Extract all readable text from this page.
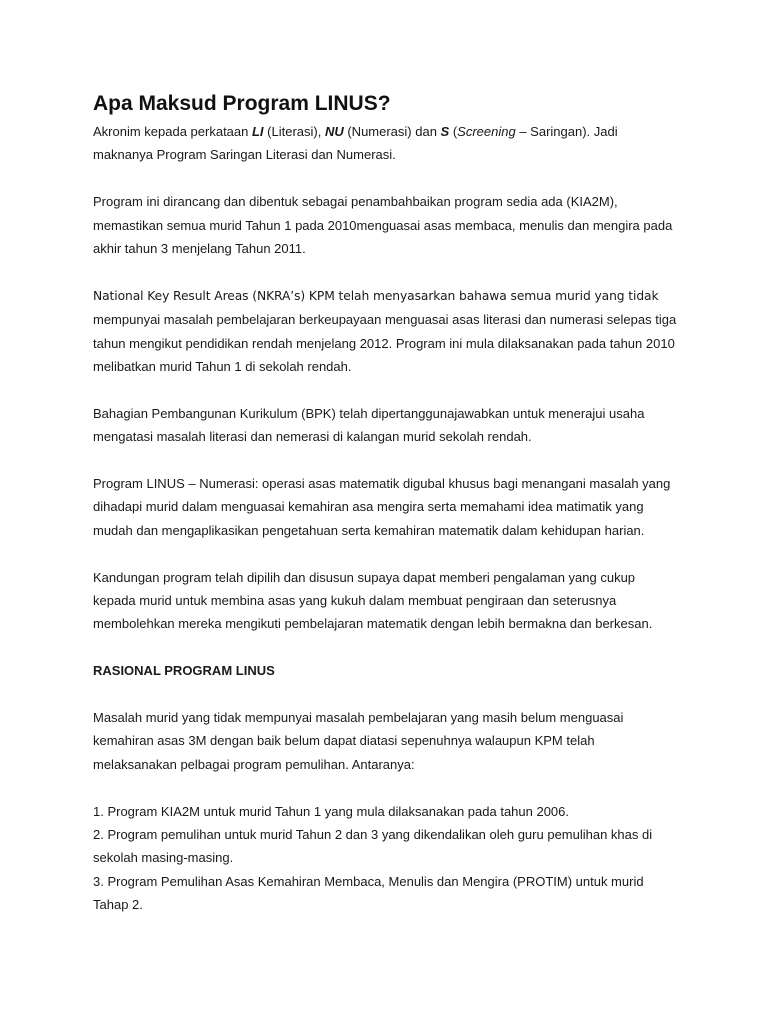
Apa Maksud Program LINUS?

Akronim kepada perkataan LI (Literasi), NU (Numerasi) dan S (Screening – Saringan). Jadi
maknanya Program Saringan Literasi dan Numerasi.

Program ini dirancang dan dibentuk sebagai penambahbaikan program sedia ada (KIA2M), memastikan semua murid Tahun 1 pada 2010menguasai asas membaca, menulis dan mengira pada akhir tahun 3 menjelang Tahun 2011.

National Key Result Areas (NKRA’s) KPM telah menyasarkan bahawa semua murid yang tidak
mempunyai masalah pembelajaran berkeupayaan menguasai asas literasi dan numerasi selepas tiga tahun mengikut pendidikan rendah menjelang 2012. Program ini mula dilaksanakan pada tahun 2010 melibatkan murid Tahun 1 di sekolah rendah.

Bahagian Pembangunan Kurikulum (BPK) telah dipertanggunajawabkan untuk menerajui usaha mengatasi masalah literasi dan nemerasi di kalangan murid sekolah rendah.

Program LINUS – Numerasi: operasi asas matematik digubal khusus bagi menangani masalah yang dihadapi murid dalam menguasai kemahiran asa mengira serta memahami idea matimatik yang mudah dan mengaplikasikan pengetahuan serta kemahiran matematik dalam kehidupan harian.

Kandungan program telah dipilih dan disusun supaya dapat memberi pengalaman yang cukup kepada murid untuk membina asas yang kukuh dalam membuat pengiraan dan seterusnya membolehkan mereka mengikuti pembelajaran matematik dengan lebih bermakna dan berkesan.

RASIONAL PROGRAM LINUS

Masalah murid yang tidak mempunyai masalah pembelajaran yang masih belum menguasai kemahiran asas 3M dengan baik belum dapat diatasi sepenuhnya walaupun KPM telah melaksanakan pelbagai program pemulihan. Antaranya:

1. Program KIA2M untuk murid Tahun 1 yang mula dilaksanakan pada tahun 2006.

2. Program pemulihan untuk murid Tahun 2 dan 3 yang dikendalikan oleh guru pemulihan khas di sekolah masing-masing.

3. Program Pemulihan Asas Kemahiran Membaca, Menulis dan Mengira (PROTIM) untuk murid Tahap 2.
